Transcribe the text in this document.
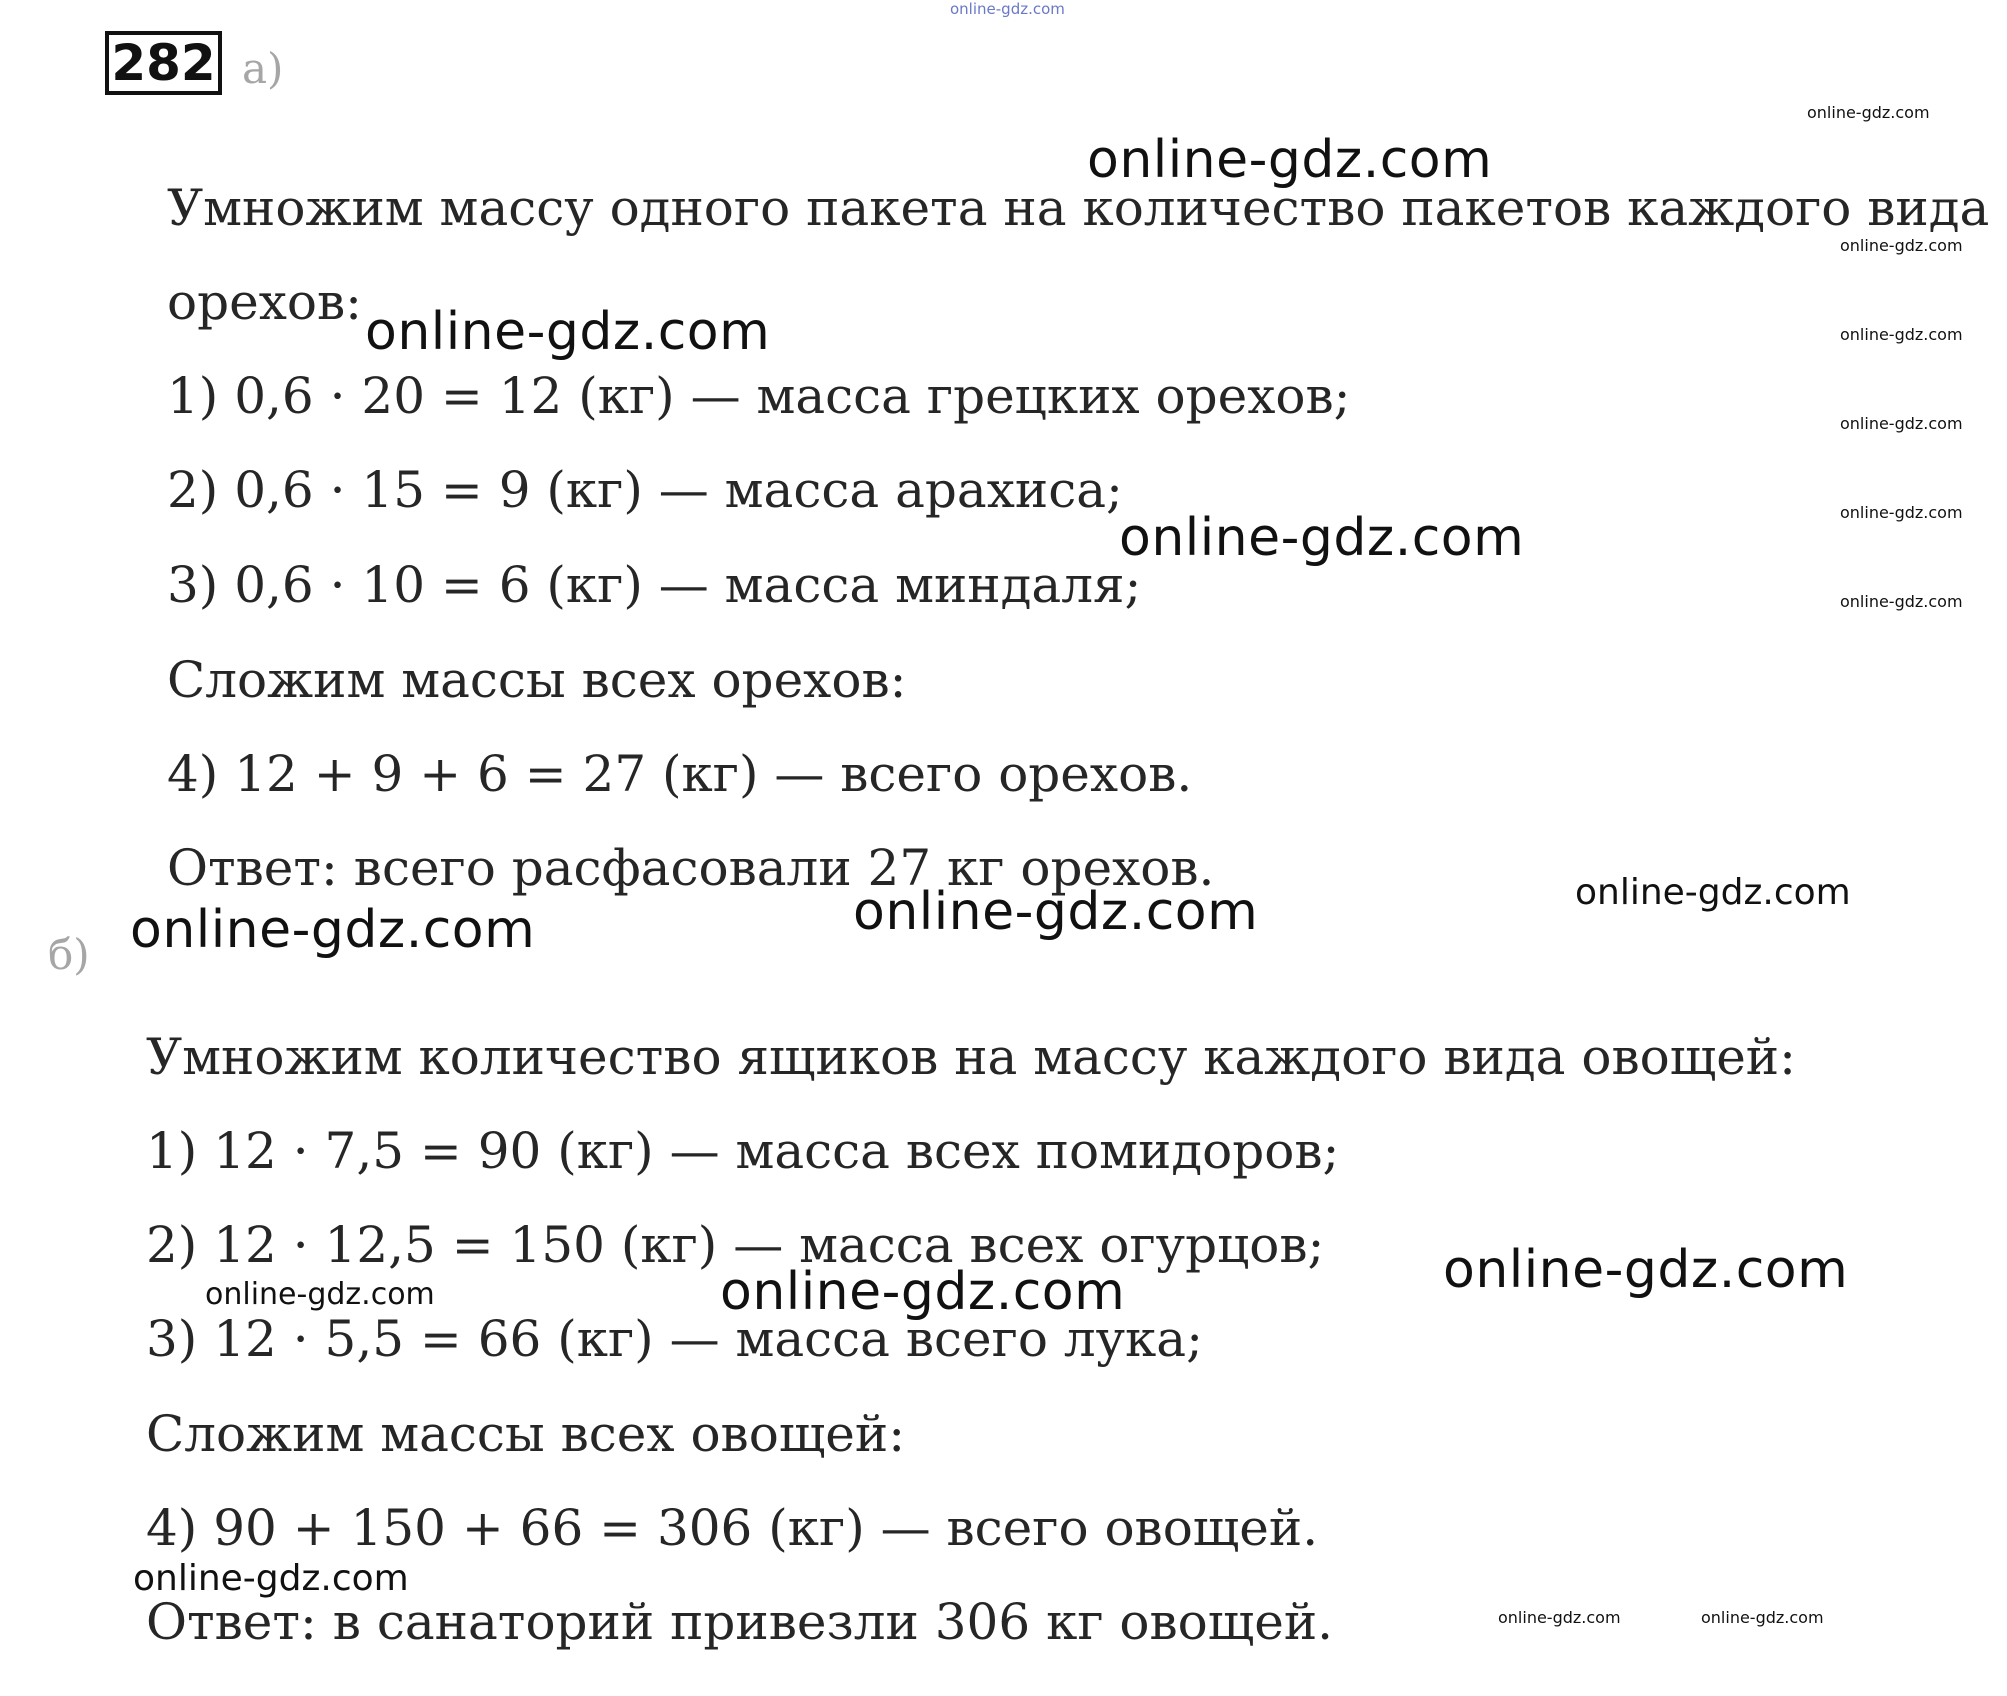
online-gdz.com
282 а)
Умножим массу одного пакета на количество пакетов каждого вида
орехов:
1) 0,6 · 20 = 12 (кг) — масса грецких орехов;
2) 0,6 · 15 = 9 (кг) — масса арахиса;
3) 0,6 · 10 = 6 (кг) — масса миндаля;
Сложим массы всех орехов:
4) 12 + 9 + 6 = 27 (кг) — всего орехов.
Ответ: всего расфасовали 27 кг орехов.
б)
Умножим количество ящиков на массу каждого вида овощей:
1) 12 · 7,5 = 90 (кг) — масса всех помидоров;
2) 12 · 12,5 = 150 (кг) — масса всех огурцов;
3) 12 · 5,5 = 66 (кг) — масса всего лука;
Сложим массы всех овощей:
4) 90 + 150 + 66 = 306 (кг) — всего овощей.
Ответ: в санаторий привезли 306 кг овощей.
online-gdz.com
online-gdz.com
online-gdz.com
online-gdz.com	online-gdz.com
online-gdz.com
online-gdz.com
online-gdz.com
online-gdz.com
online-gdz.com
online-gdz.com
online-gdz.com
online-gdz.com
online-gdz.com
online-gdz.com
online-gdz.com
online-gdz.com	online-gdz.com
